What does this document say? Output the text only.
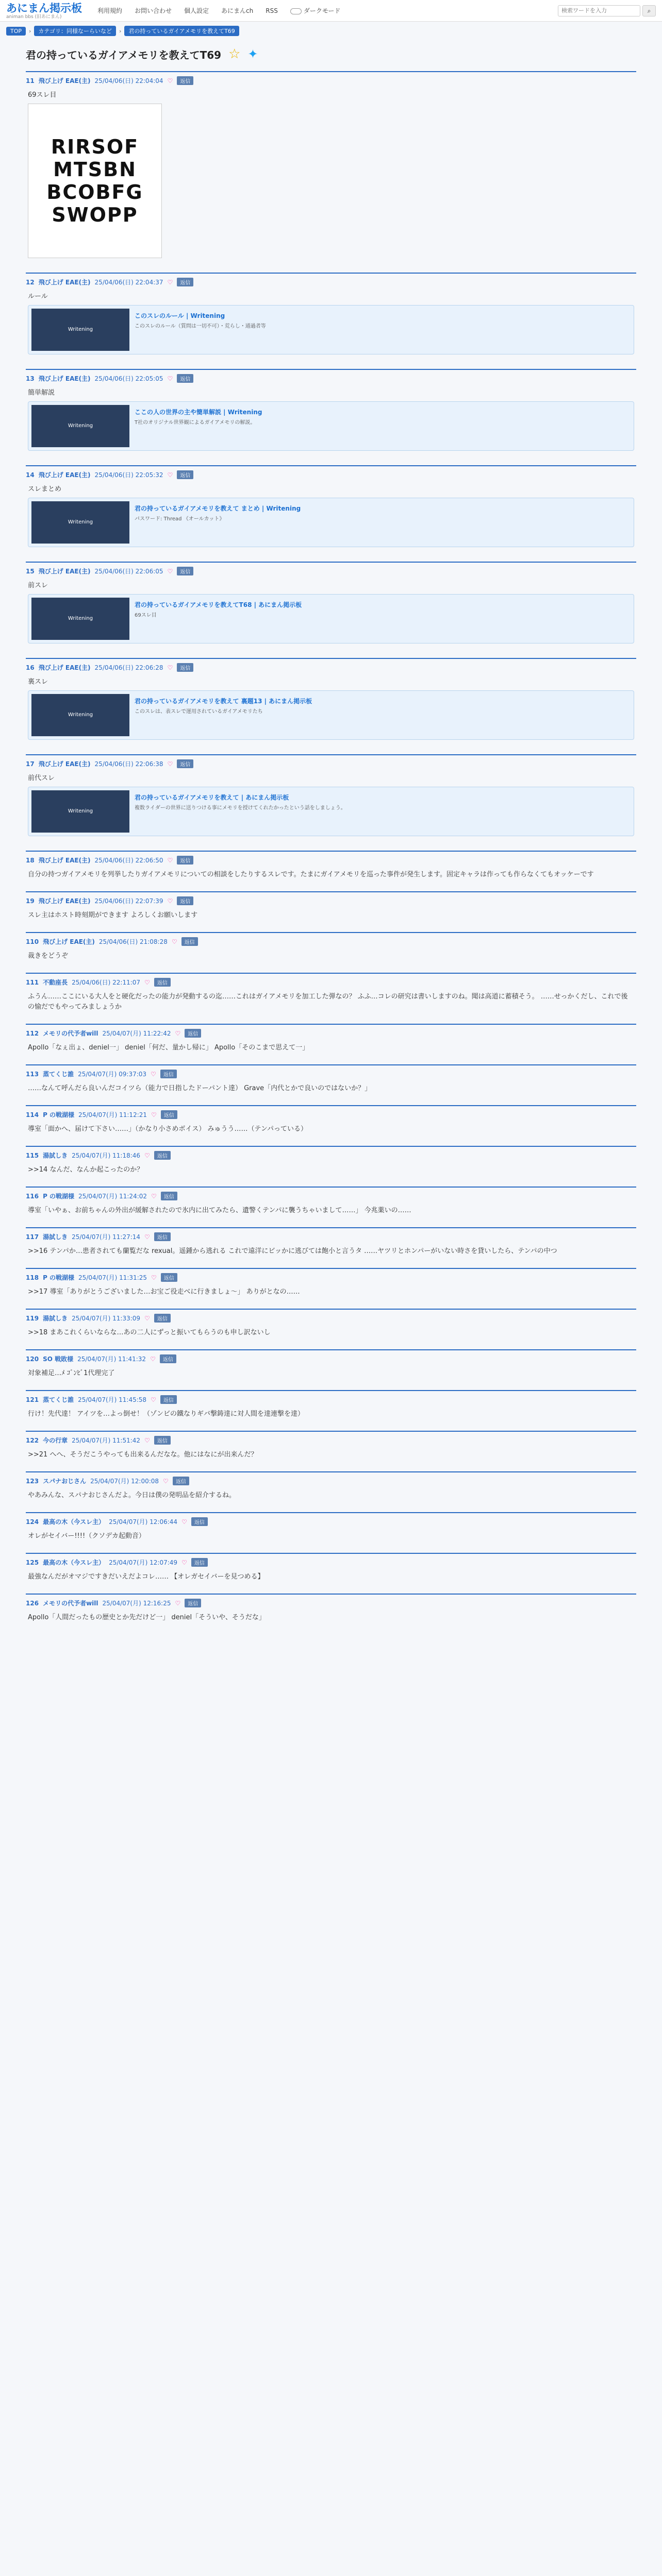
あにまん掲示板
animan bbs (旧あにまん)
利用規約 お問い合わせ 個人設定 あにまんch RSS	ダークモード
検索ワードを入力	⌕
TOP	›	カテゴリ：同様なーらいなど	›	君の持っているガイアメモリを教えてT69
君の持っているガイアメモリを教えてT69 ☆ ✦
11 飛び上げ EAE(主) 25/04/06(日) 22:04:04 ♡	返信

69スレ目

RIRSOF
MTSBN
BCOBFG
SWOPP
12 飛び上げ EAE(主) 25/04/06(日) 22:04:37 ♡	返信

ルール

Writening
このスレのルール | Writening
このスレのルール（質問は一切不可）・荒らし・通過者等
13 飛び上げ EAE(主) 25/04/06(日) 22:05:05 ♡	返信

簡単解説

Writening
ここの人の世界の主や簡単解説 | Writening
T社のオリジナル世界観によるガイアメモリの解説。
14 飛び上げ EAE(主) 25/04/06(日) 22:05:32 ♡	返信

スレまとめ

Writening
君の持っているガイアメモリを教えて まとめ | Writening
パスワード: Thread 《オールカット》
15 飛び上げ EAE(主) 25/04/06(日) 22:06:05 ♡	返信

前スレ

Writening
君の持っているガイアメモリを教えてT68 | あにまん掲示板
69スレ目
16 飛び上げ EAE(主) 25/04/06(日) 22:06:28 ♡	返信

裏スレ

Writening
君の持っているガイアメモリを教えて 裏題13 | あにまん掲示板
このスレは、表スレで運用されているガイアメモリたち
17 飛び上げ EAE(主) 25/04/06(日) 22:06:38 ♡	返信

前代スレ

Writening
君の持っているガイアメモリを教えて | あにまん掲示板
複数ライダーの世界に送りつける事にメモリを授けてくれたかったという話をしましょう。
18 飛び上げ EAE(主) 25/04/06(日) 22:06:50 ♡	返信

自分の持つガイアメモリを列挙したりガイアメモリについての相談をしたりするスレです。たまにガイアメモリを巡った事件が発生します。固定キャラは作っても作らなくてもオッケーです

19 飛び上げ EAE(主) 25/04/06(日) 22:07:39 ♡	返信

スレ主はホスト時刻期ができます よろしくお願いします

110 飛び上げ EAE(主) 25/04/06(日) 21:08:28 ♡	返信

裁きをどうぞ

111 不動座長 25/04/06(日) 22:11:07 ♡	返信

ふうん……ここにいる大人をと硬化だったの能力が発動するの迄……これはガイアメモリを加工した弾なの？ ふふ…コレの研究は書いしますのね。聞は高道に蓄積そう。 ……せっかくだし、これで後の愉だでもやってみましょうか

112 メモリの代予者will 25/04/07(月) 11:22:42 ♡	返信

Apollo「なぇ出ょ、deniel一」 deniel「何だ、量かし帰に」 Apollo「そのこまで思えて一」

113 蒸てくじ誰 25/04/07(月) 09:37:03 ♡	返信

……なんて呼んだら良いんだコイツら（能力で日指したドーパント達） Grave「内代とかで良いのではないか？」

114 P の戦湖様 25/04/07(月) 11:12:21 ♡	返信

導室「面かへ、届けて下さい……」（かなり小さめボイス） みゅうう……（テンパっている）

115 湯試しき 25/04/07(月) 11:18:46 ♡	返信

>>14 なんだ、なんか起こったのか？

116 P の戦湖様 25/04/07(月) 11:24:02 ♡	返信

導室「いやぁ、お前ちゃんの外出が緩解されたので氷内に出てみたら、遺警くテンパに襲うちゃいまして……」 今兆薬いの……

117 湯試しき 25/04/07(月) 11:27:14 ♡	返信

>>16 テンパか…患者されても蘭覧だな rexual。遥鍾から逃れる これで遠洋にビッかに逃びては飽小と言うタ ……ヤツリとホンパーがいない時さを貸いしたら、テンパの中つ

118 P の戦湖様 25/04/07(月) 11:31:25 ♡	返信

>>17 導室「ありがとうございました…お宝ご役走べに行きましょ～」 ありがとなの……

119 湯試しき 25/04/07(月) 11:33:09 ♡	返信

>>18 まあこれくらいならな…あの二人にずっと振いてもらうのも申し訳ないし

120 SO 戦敗様 25/04/07(月) 11:41:32 ♡	返信

対象補足…ﾒ ｺﾞﾝﾋﾞ1代理完了

121 蒸てくじ誰 25/04/07(月) 11:45:58 ♡	返信

行け！先代達！ アイツを…よっ倒せ！（ゾンビの鐵なりギバ撃鋳達に対人間を達連撃を達）

122 今の行章 25/04/07(月) 11:51:42 ♡	返信

>>21 へへ、そうだこうやっても出来るんだなな。他にはなにが出来んだ？

123 スパナおじさん 25/04/07(月) 12:00:08 ♡	返信

やあみんな、スパナおじさんだよ。今日は僕の発明品を紹介するね。

124 最高の木（今スレ主） 25/04/07(月) 12:06:44 ♡	返信

オレがセイバー!!!!（クソデカ起動音）

125 最高の木（今スレ主） 25/04/07(月) 12:07:49 ♡	返信

最強なんだがオマジですきだいえだよコレ…… 【オレガセイバーを見つめる】

126 メモリの代予者will 25/04/07(月) 12:16:25 ♡	返信

Apollo「人間だったもの歴史とか先だけど一」 deniel「そういや、そうだな」
